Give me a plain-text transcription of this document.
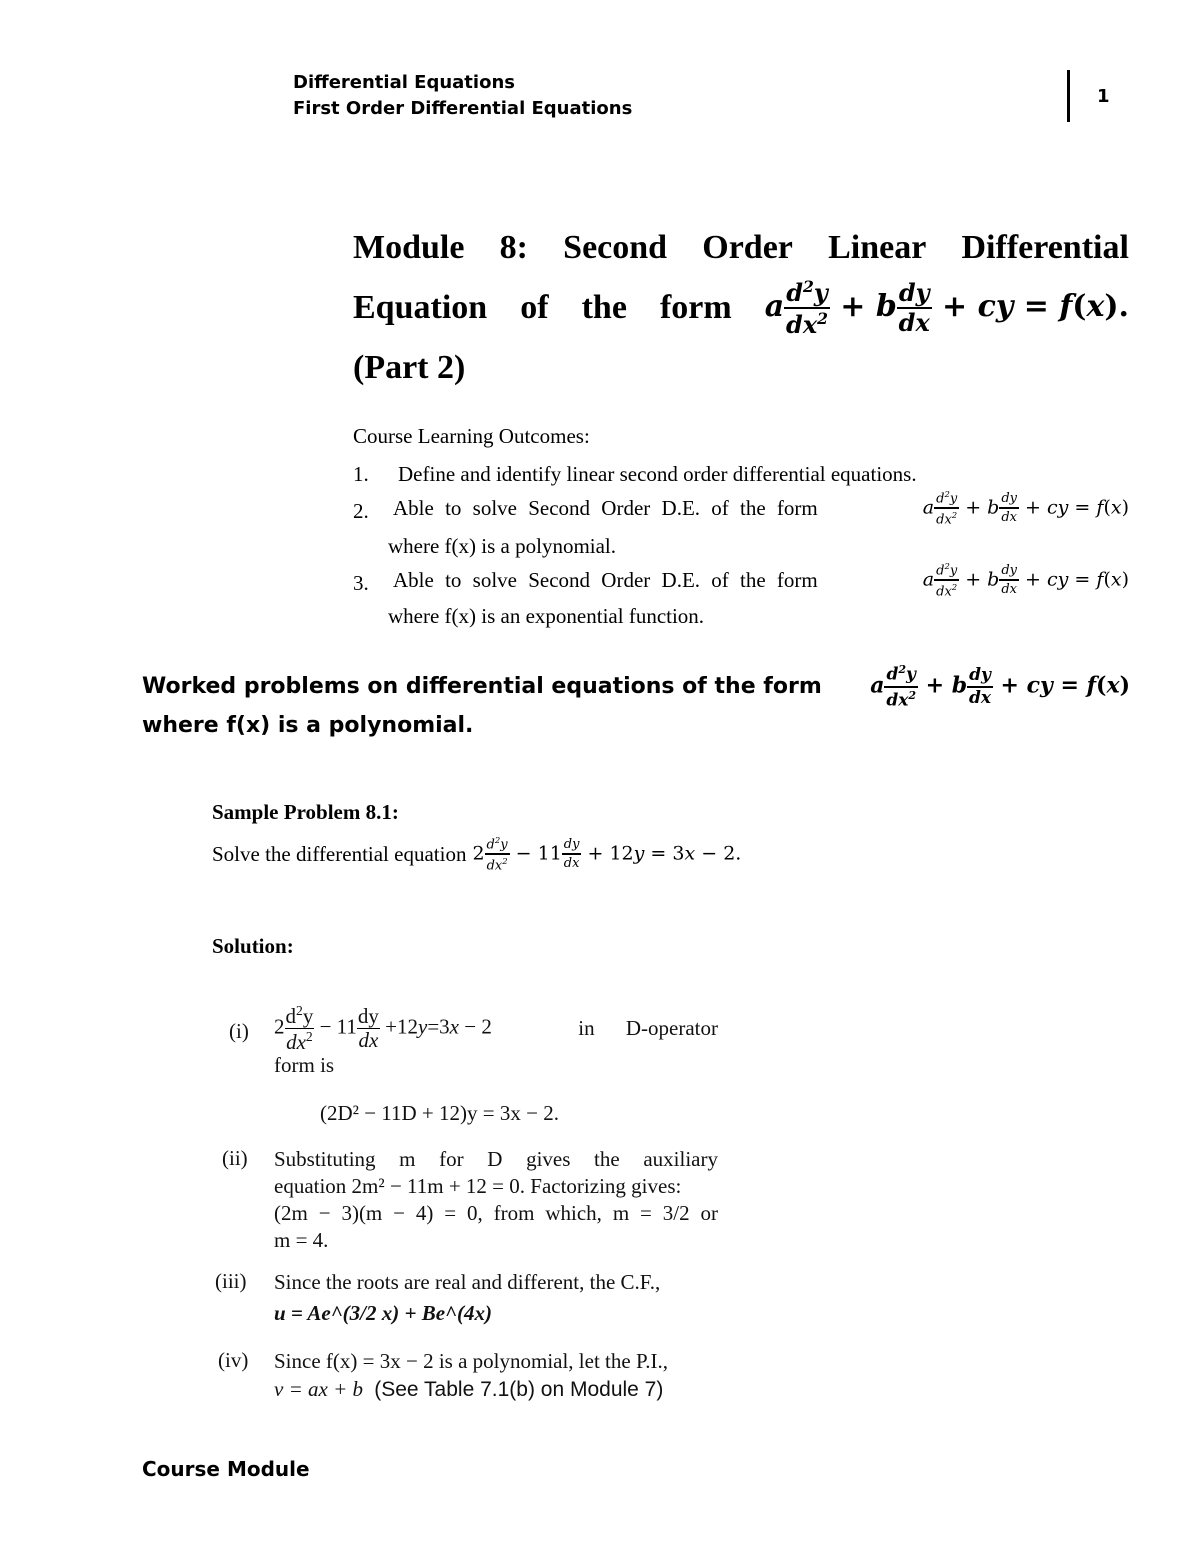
Differential Equations
First Order Differential Equations
1
Module 8: Second Order Linear Differential
Equation of the form a $\frac{d^2y}{dx^2} + b \frac{dy}{dx}$ + cy = f(x).
(Part 2)
Course Learning Outcomes:
1. Define and identify linear second order differential equations.
2. Able to solve Second Order D.E. of the form	a $\frac{d^2y}{dx^2} + b \frac{dy}{dx}$ + cy = f(x)
where f(x) is a polynomial.
3. Able to solve Second Order D.E. of the form	a $\frac{d^2y}{dx^2} + b \frac{dy}{dx}$ + cy = f(x)
where f(x) is an exponential function.
Worked problems on differential equations of the form a $\frac{d^2y}{dx^2} + b \frac{dy}{dx}$ + cy = f(x)
where f(x) is a polynomial.
Sample Problem 8.1:
Solve the differential equation $2 \frac{d^2y}{dx^2} - 11 \frac{dy}{dx} + 12y = 3x - 2$.
Solution:
(i) $2 \frac{d^2y}{dx^2} - 11 \frac{dy}{dx} +12y=3x - 2$	in D-operator
form is
(2D² − 11D + 12)y = 3x − 2.
(ii) Substituting m for D gives the auxiliary
equation 2m² − 11m + 12 = 0. Factorizing gives:
(2m − 3)(m − 4) = 0, from which, m = 3/2 or
m = 4.
(iii) Since the roots are real and different, the C.F.,
u = Ae^(3/2 x) + Be^(4x)
(iv) Since f(x) = 3x − 2 is a polynomial, let the P.I.,
v = ax + b (See Table 7.1(b) on Module 7)
Course Module
